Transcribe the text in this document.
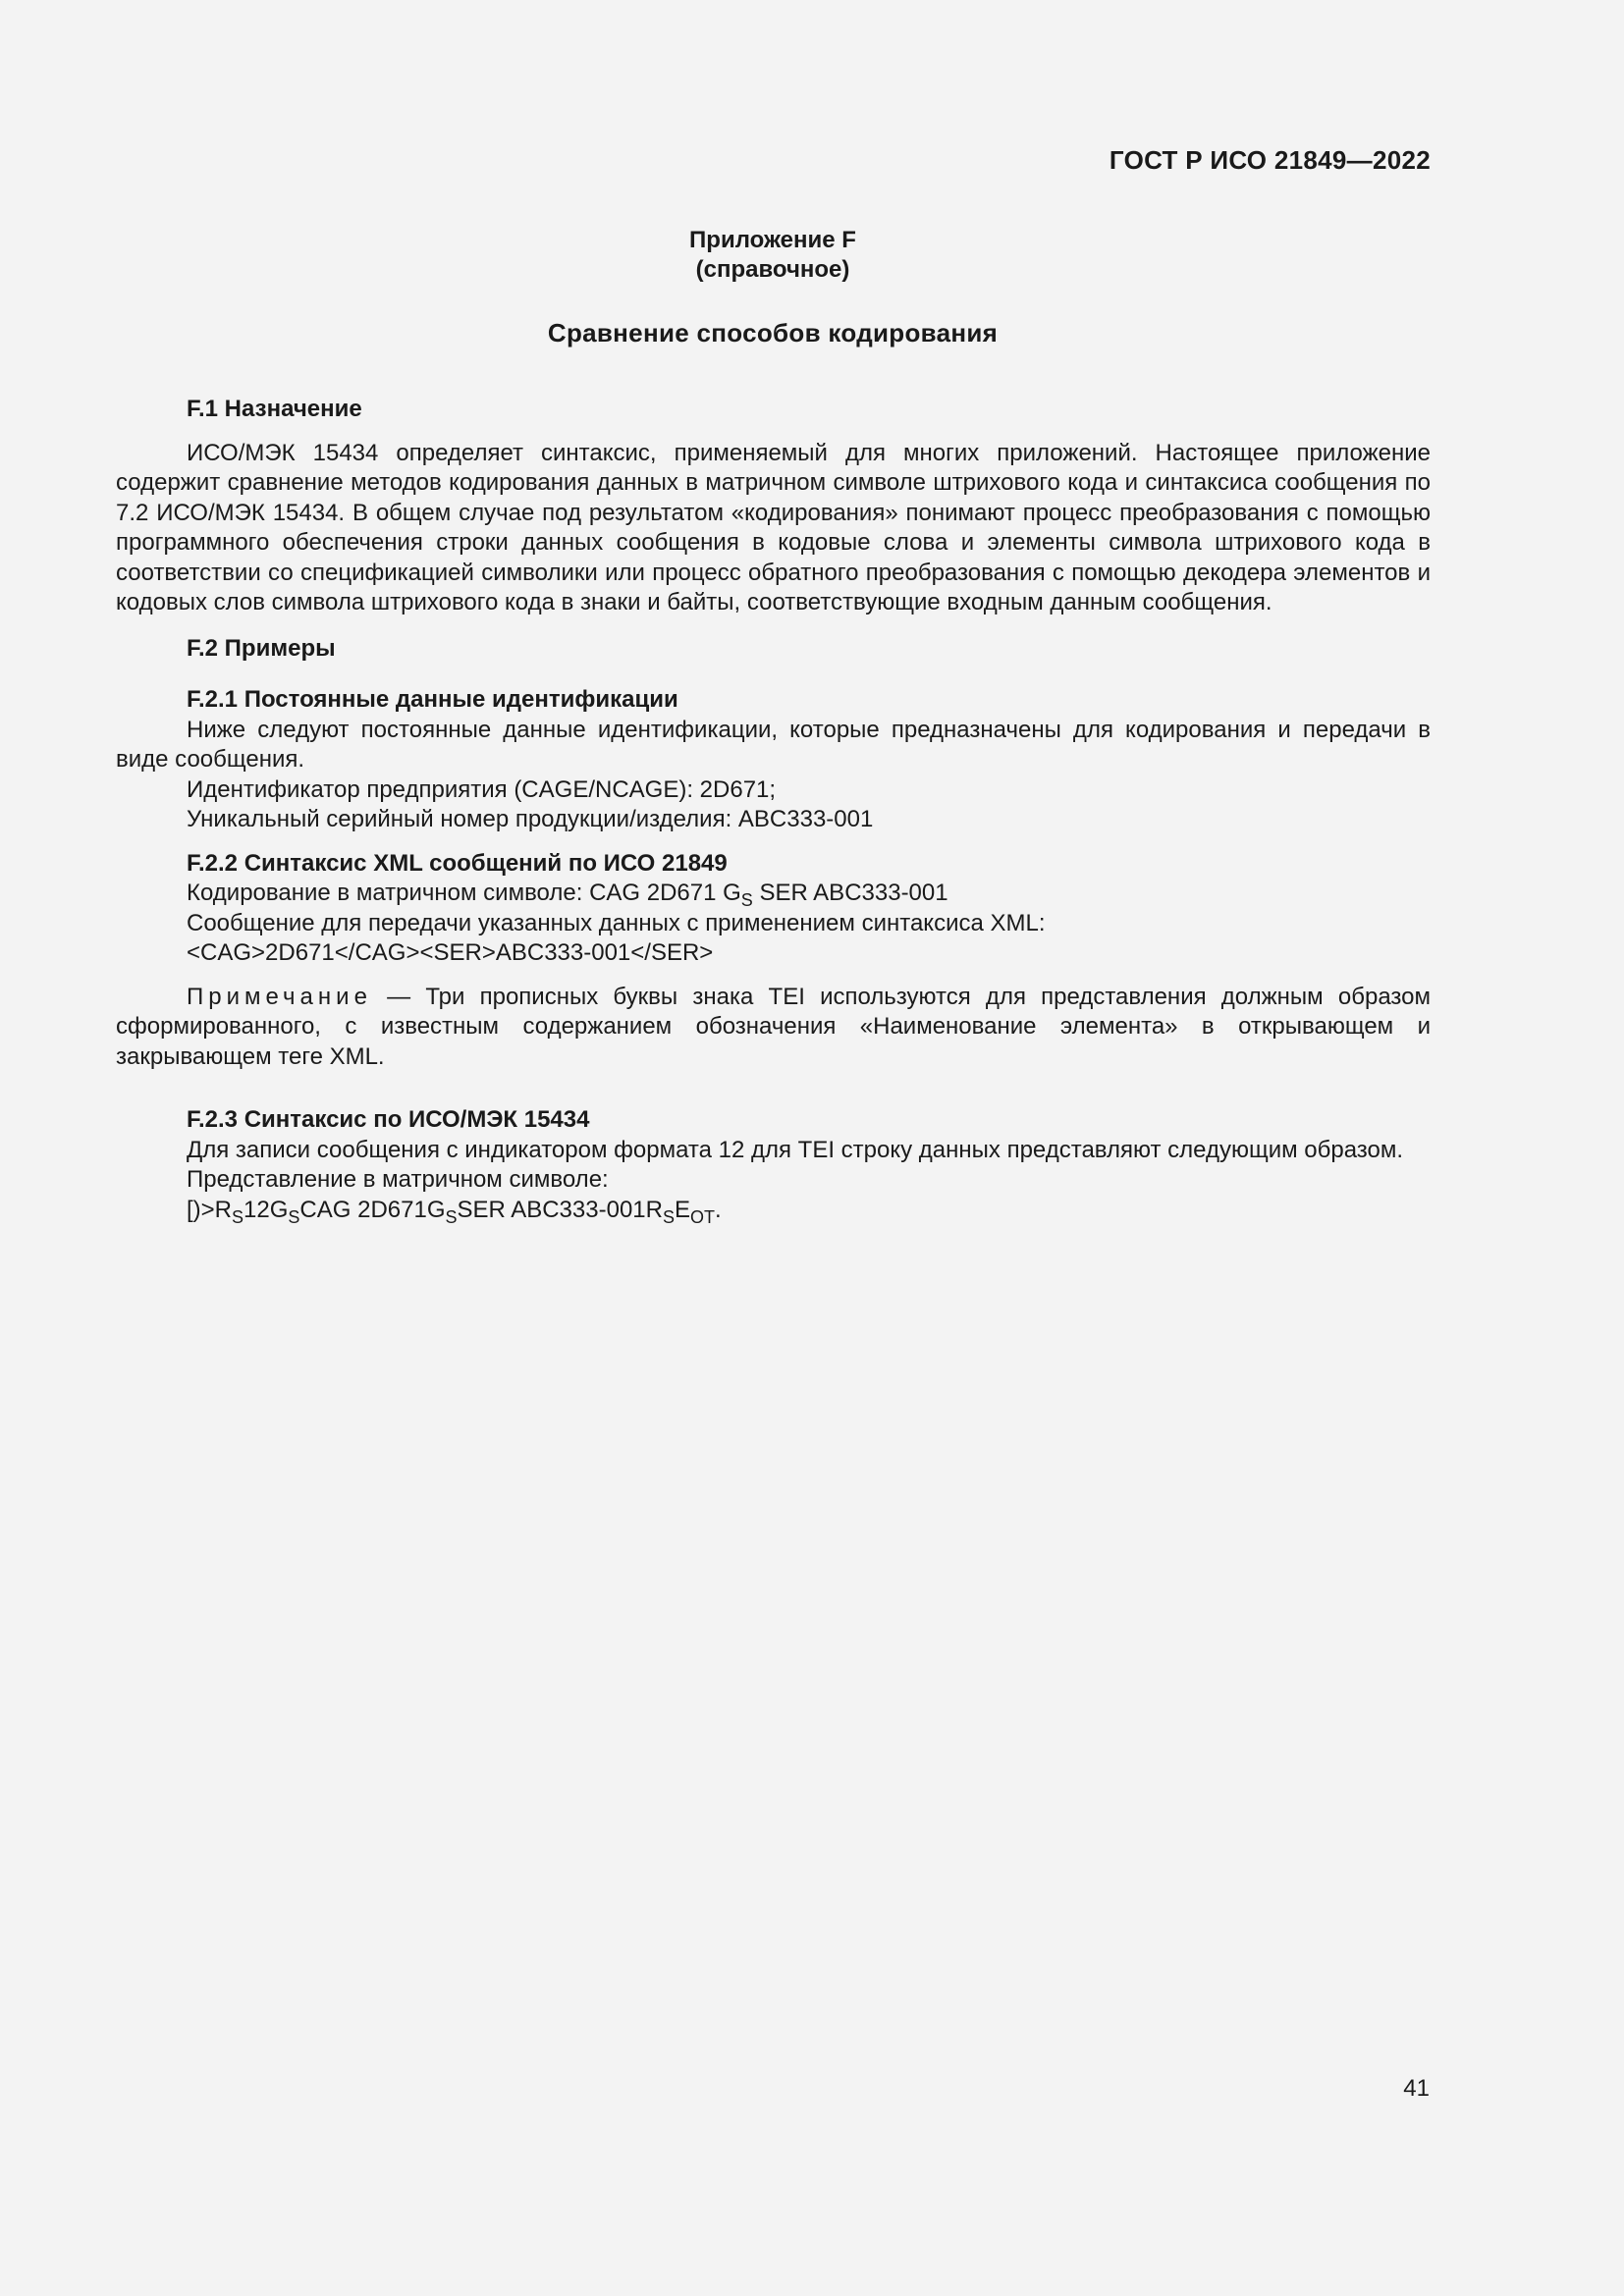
ГОСТ Р ИСО 21849—2022
Приложение F
(справочное)
Сравнение способов кодирования

F.1 Назначение

ИСО/МЭК 15434 определяет синтаксис, применяемый для многих приложений. Настоящее приложение содержит сравнение методов кодирования данных в матричном символе штрихового кода и синтаксиса сообщения по 7.2 ИСО/МЭК 15434. В общем случае под результатом «кодирования» понимают процесс преобразования с помощью программного обеспечения строки данных сообщения в кодовые слова и элементы символа штрихового кода в соответствии со спецификацией символики или процесс обратного преобразования с помощью декодера элементов и кодовых слов символа штрихового кода в знаки и байты, соответствующие входным данным сообщения.

F.2 Примеры

F.2.1 Постоянные данные идентификации

Ниже следуют постоянные данные идентификации, которые предназначены для кодирования и передачи в виде сообщения.

Идентификатор предприятия (CAGE/NCAGE): 2D671;

Уникальный серийный номер продукции/изделия: ABC333-001

F.2.2 Синтаксис XML сообщений по ИСО 21849

Кодирование в матричном символе: CAG 2D671 $G_S$ SER ABC333-001

Сообщение для передачи указанных данных с применением синтаксиса XML:

<CAG>2D671</CAG><SER>ABC333-001</SER>

Примечание — Три прописных буквы знака TEI используются для представления должным образом сформированного, с известным содержанием обозначения «Наименование элемента» в открывающем и закрывающем теге XML.

F.2.3 Синтаксис по ИСО/МЭК 15434

Для записи сообщения с индикатором формата 12 для TEI строку данных представляют следующим образом.

Представление в матричном символе:

$[)>R_S12G_SCAG$ $2D671G_SSER$ $ABC333-001R_SE_{OT}$.

41
